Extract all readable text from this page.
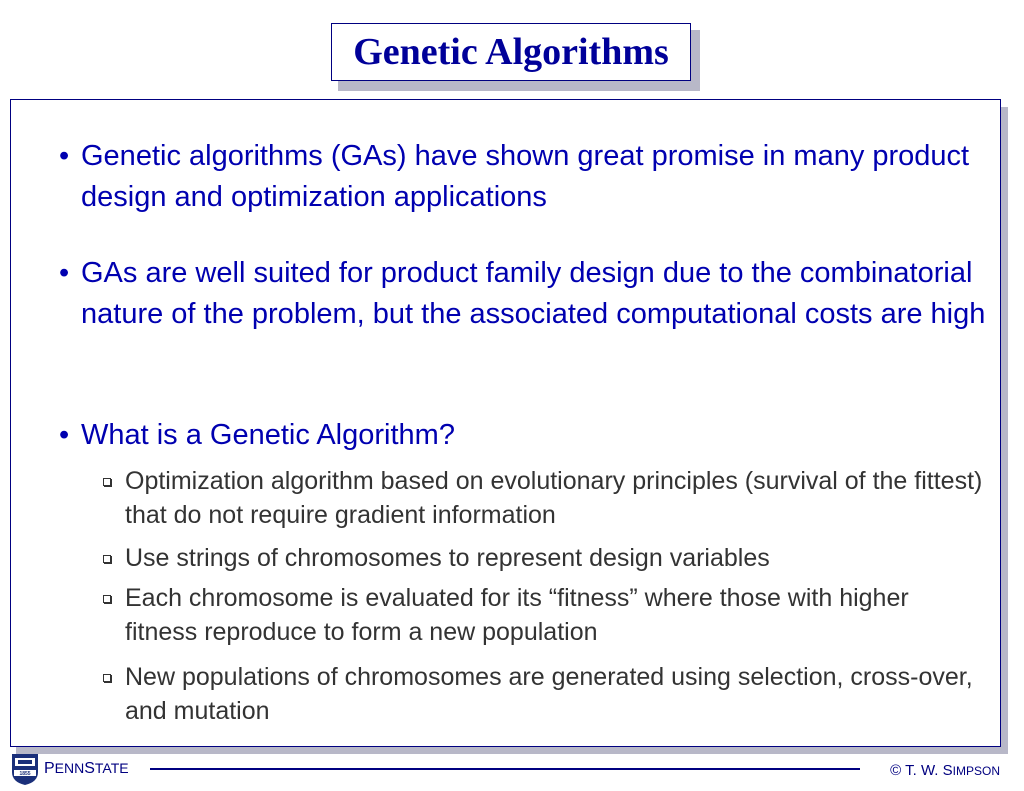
Genetic Algorithms
• Genetic algorithms (GAs) have shown great promise in many product design and optimization applications
• GAs are well suited for product family design due to the combinatorial nature of the problem, but the associated computational costs are high
• What is a Genetic Algorithm?
Optimization algorithm based on evolutionary principles (survival of the fittest) that do not require gradient information
Use strings of chromosomes to represent design variables
Each chromosome is evaluated for its “fitness” where those with higher fitness reproduce to form a new population
New populations of chromosomes are generated using selection, cross-over, and mutation
1855 PENNSTATE	© T. W. SIMPSON
